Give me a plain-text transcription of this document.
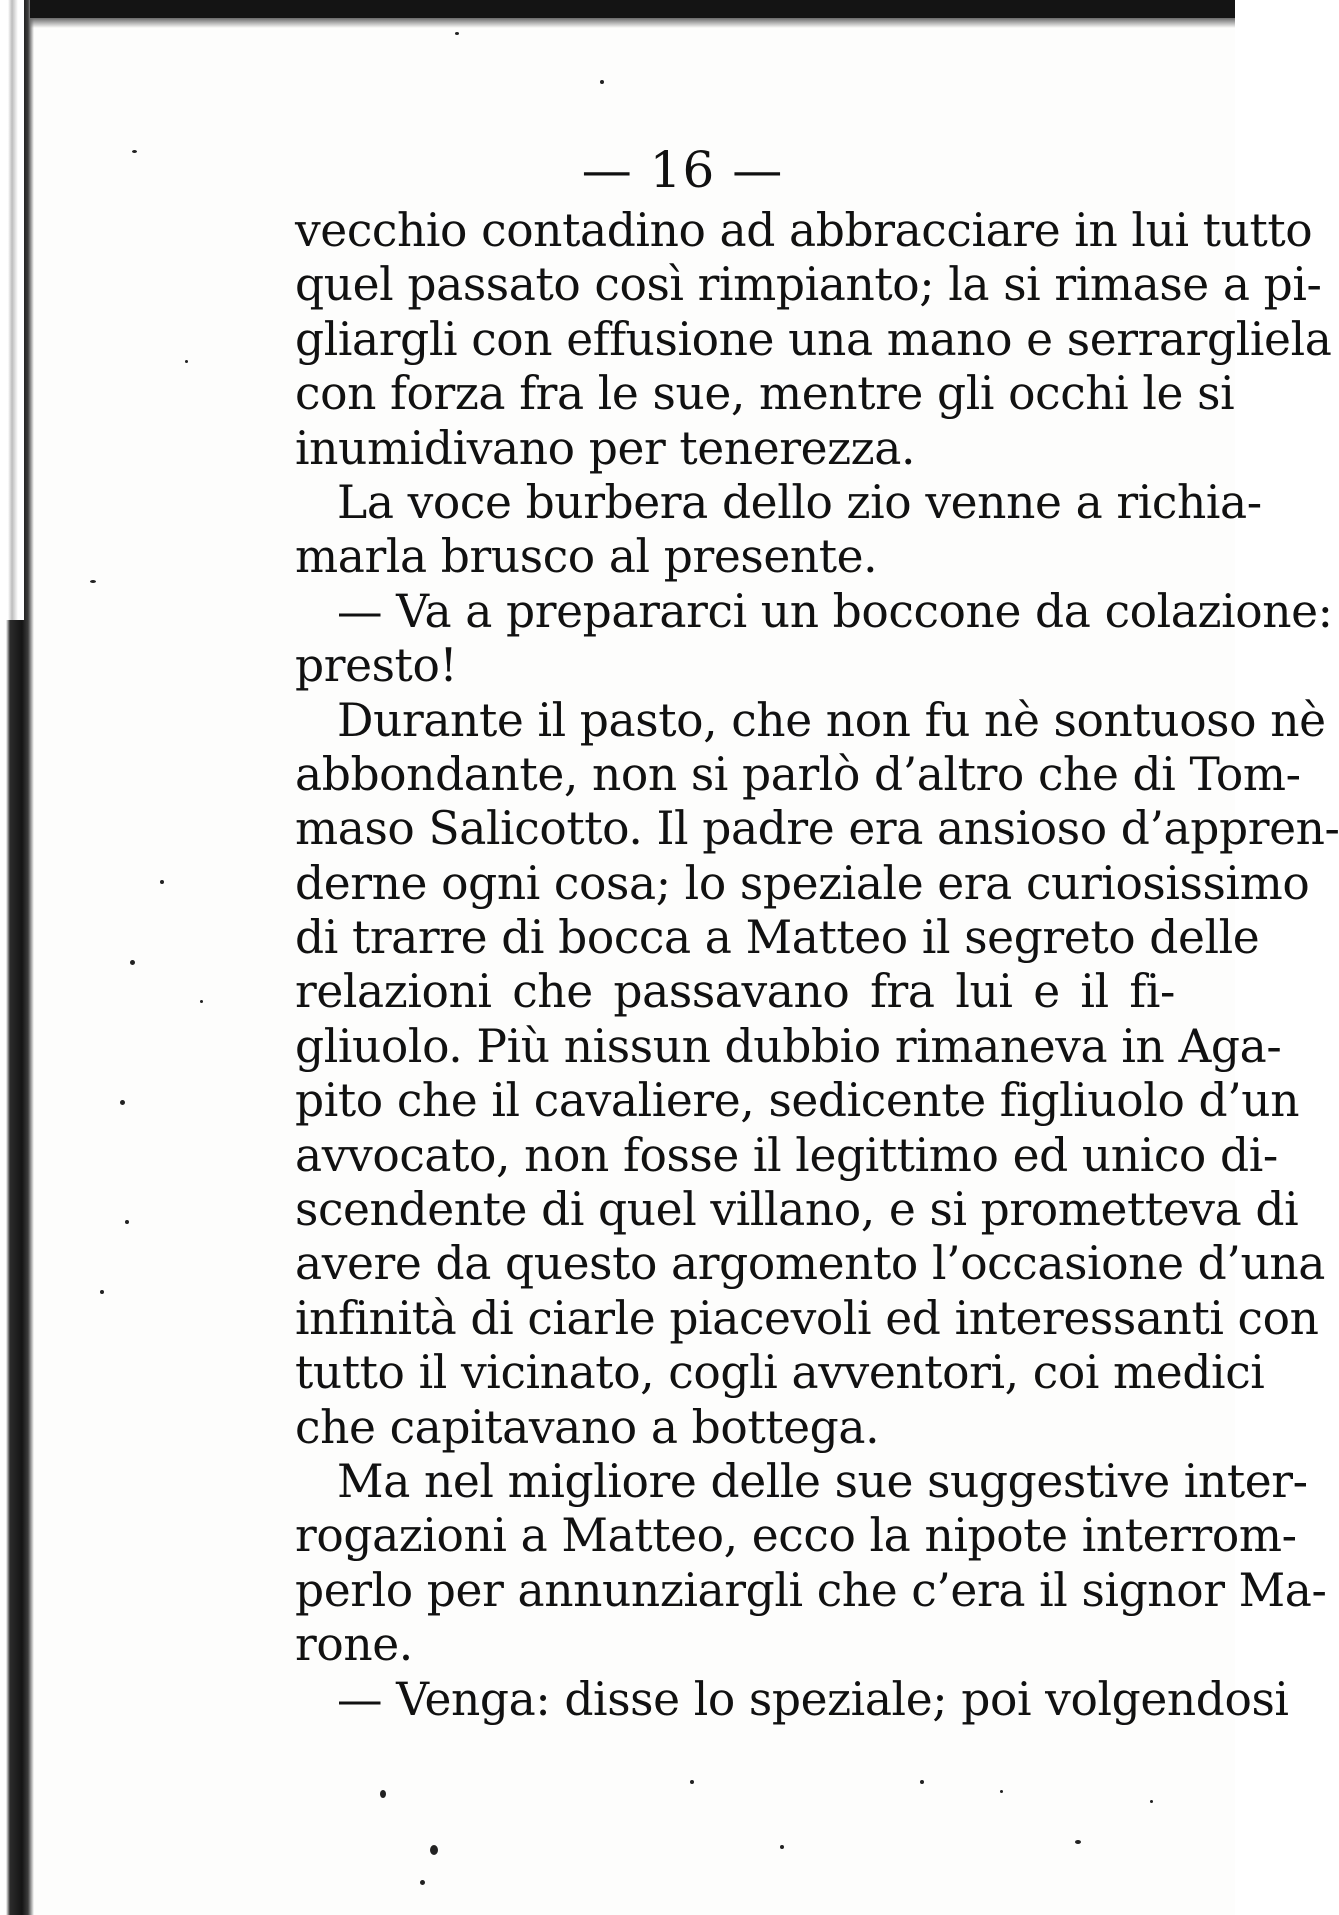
— 16 —
vecchio contadino ad abbracciare in lui tutto
quel passato così rimpianto; la si rimase a pi-
gliargli con effusione una mano e serrargliela
con forza fra le sue, mentre gli occhi le si
inumidivano per tenerezza.
La voce burbera dello zio venne a richia-
marla brusco al presente.
— Va a prepararci un boccone da colazione:
presto!
Durante il pasto, che non fu nè sontuoso nè
abbondante, non si parlò d’altro che di Tom-
maso Salicotto. Il padre era ansioso d’appren-
derne ogni cosa; lo speziale era curiosissimo
di trarre di bocca a Matteo il segreto delle
relazioni che passavano fra lui e il fi-
gliuolo. Più nissun dubbio rimaneva in Aga-
pito che il cavaliere, sedicente figliuolo d’un
avvocato, non fosse il legittimo ed unico di-
scendente di quel villano, e si prometteva di
avere da questo argomento l’occasione d’una
infinità di ciarle piacevoli ed interessanti con
tutto il vicinato, cogli avventori, coi medici
che capitavano a bottega.
Ma nel migliore delle sue suggestive inter-
rogazioni a Matteo, ecco la nipote interrom-
perlo per annunziargli che c’era il signor Ma-
rone.
— Venga: disse lo speziale; poi volgendosi
